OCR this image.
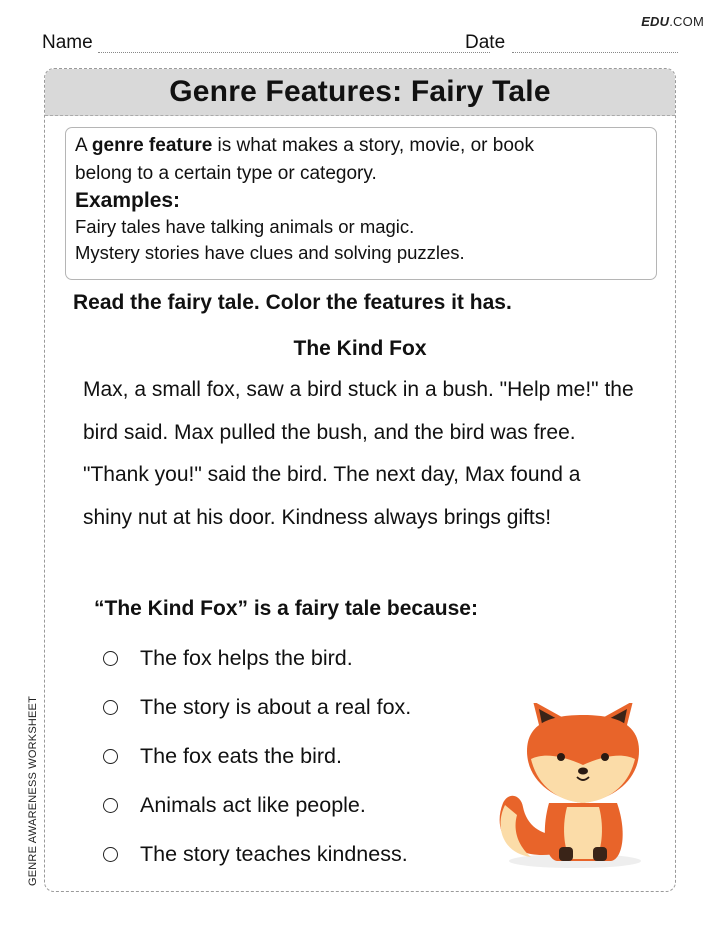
EDU.COM
Name	Date
GENRE AWARENESS WORKSHEET
Genre Features: Fairy Tale
A genre feature is what makes a story, movie, or book
belong to a certain type or category.
Examples:
Fairy tales have talking animals or magic.
Mystery stories have clues and solving puzzles.
Read the fairy tale. Color the features it has.
The Kind Fox
Max, a small fox, saw a bird stuck in a bush. "Help me!" the bird said. Max pulled the bush, and the bird was free. "Thank you!" said the bird. The next day, Max found a shiny nut at his door. Kindness always brings gifts!
“The Kind Fox” is a fairy tale because:
The fox helps the bird.
The story is about a real fox.
The fox eats the bird.
Animals act like people.
The story teaches kindness.
